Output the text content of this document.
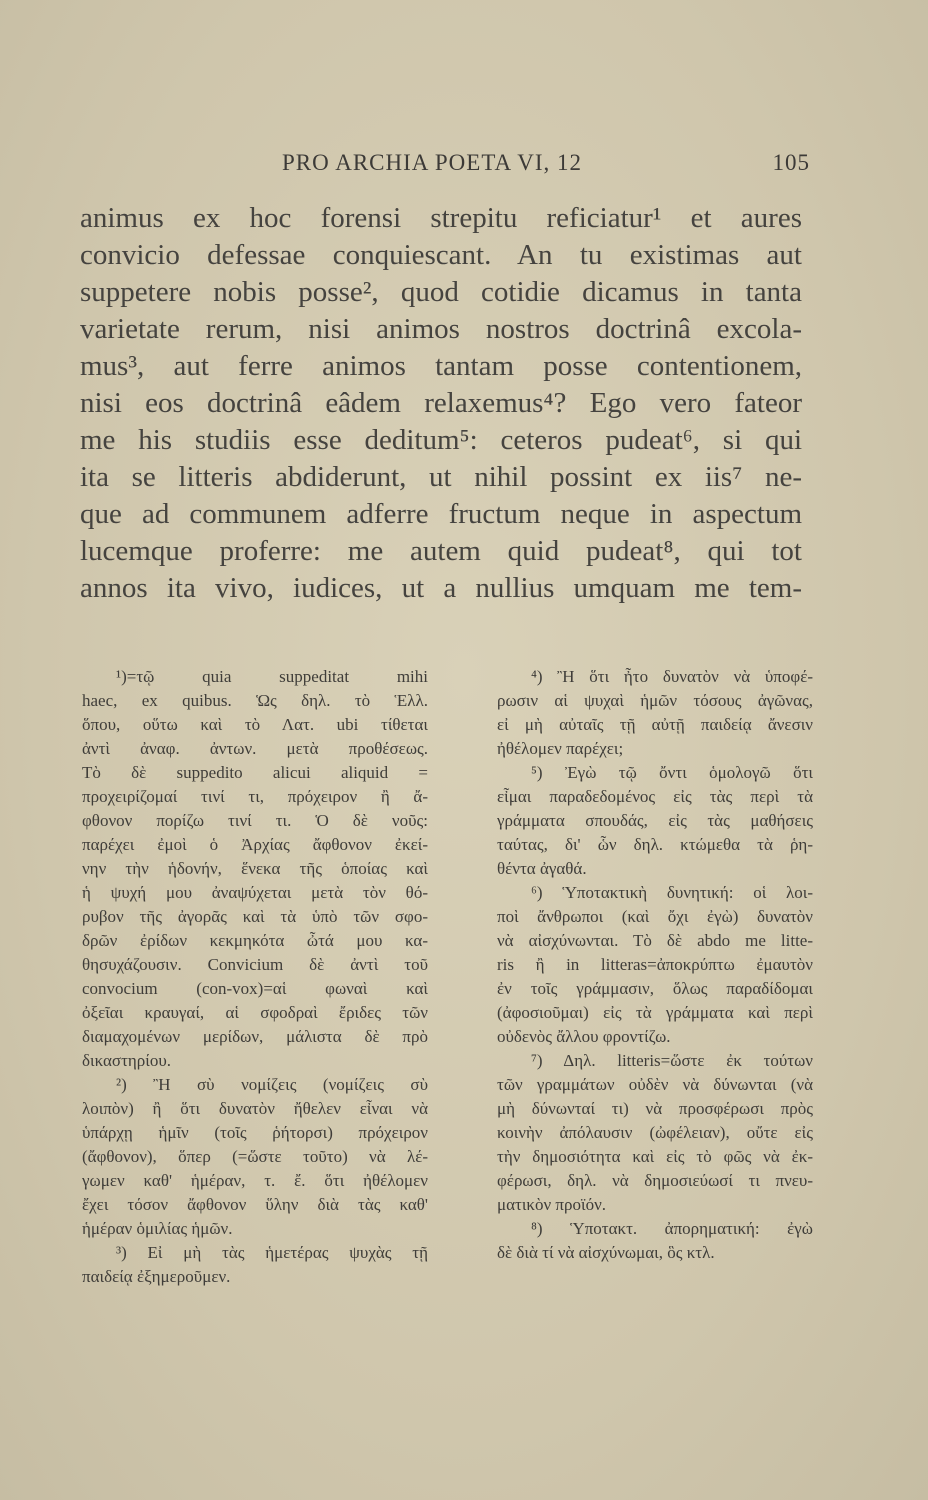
PRO ARCHIA POETA VI, 12	105
animus ex hoc forensi strepitu reficiatur¹ et aures
convicio defessae conquiescant. An tu existimas aut
suppetere nobis posse², quod cotidie dicamus in tanta
varietate rerum, nisi animos nostros doctrinâ excola-
mus³, aut ferre animos tantam posse contentionem,
nisi eos doctrinâ eâdem relaxemus⁴? Ego vero fateor
me his studiis esse deditum⁵: ceteros pudeat⁶, si qui
ita se litteris abdiderunt, ut nihil possint ex iis⁷ ne-
que ad communem adferre fructum neque in aspectum
lucemque proferre: me autem quid pudeat⁸, qui tot
annos ita vivo, iudices, ut a nullius umquam me tem-
¹)=τῷ quia suppeditat mihi
haec, ex quibus. Ὡς δηλ. τὸ Ἑλλ.
ὅπου, οὕτω καὶ τὸ Λατ. ubi τίθεται
ἀντὶ ἀναφ. ἀντων. μετὰ προθέσεως.
Τὸ δὲ suppedito alicui aliquid =
προχειρίζομαί τινί τι, πρόχειρον ἢ ἄ-
φθονον πορίζω τινί τι. Ὁ δὲ νοῦς:
παρέχει ἐμοὶ ὁ Ἀρχίας ἄφθονον ἐκεί-
νην τὴν ἡδονήν, ἕνεκα τῆς ὁποίας καὶ
ἡ ψυχή μου ἀναψύχεται μετὰ τὸν θό-
ρυβον τῆς ἀγορᾶς καὶ τὰ ὑπὸ τῶν σφο-
δρῶν ἐρίδων κεκμηκότα ὦτά μου κα-
θησυχάζουσιν. Convicium δὲ ἀντὶ τοῦ
convocium (con-vox)=αἱ φωναὶ καὶ
ὀξεῖαι κραυγαί, αἱ σφοδραὶ ἔριδες τῶν
διαμαχομένων μερίδων, μάλιστα δὲ πρὸ
δικαστηρίου.
²) Ἢ σὺ νομίζεις (νομίζεις σὺ
λοιπὸν) ἢ ὅτι δυνατὸν ἤθελεν εἶναι νὰ
ὑπάρχῃ ἡμῖν (τοῖς ῥήτορσι) πρόχειρον
(ἄφθονον), ὅπερ (=ὥστε τοῦτο) νὰ λέ-
γωμεν καθ' ἡμέραν, τ. ἔ. ὅτι ἠθέλομεν
ἔχει τόσον ἄφθονον ὕλην διὰ τὰς καθ'
ἡμέραν ὁμιλίας ἡμῶν.
³) Εἰ μὴ τὰς ἡμετέρας ψυχὰς τῇ
παιδείᾳ ἐξημεροῦμεν.
⁴) Ἢ ὅτι ἦτο δυνατὸν νὰ ὑποφέ-
ρωσιν αἱ ψυχαὶ ἡμῶν τόσους ἀγῶνας,
εἰ μὴ αὐταῖς τῇ αὐτῇ παιδείᾳ ἄνεσιν
ἠθέλομεν παρέχει;
⁵) Ἐγὼ τῷ ὄντι ὁμολογῶ ὅτι
εἶμαι παραδεδομένος εἰς τὰς περὶ τὰ
γράμματα σπουδάς, εἰς τὰς μαθήσεις
ταύτας, δι' ὧν δηλ. κτώμεθα τὰ ῥη-
θέντα ἀγαθά.
⁶) Ὑποτακτικὴ δυνητική: οἱ λοι-
ποὶ ἄνθρωποι (καὶ ὄχι ἐγὼ) δυνατὸν
νὰ αἰσχύνωνται. Τὸ δὲ abdo me litte-
ris ἢ in litteras=ἀποκρύπτω ἐμαυτὸν
ἐν τοῖς γράμμασιν, ὅλως παραδίδομαι
(ἀφοσιοῦμαι) εἰς τὰ γράμματα καὶ περὶ
οὐδενὸς ἄλλου φροντίζω.
⁷) Δηλ. litteris=ὥστε ἐκ τούτων
τῶν γραμμάτων οὐδὲν νὰ δύνωνται (νὰ
μὴ δύνωνταί τι) νὰ προσφέρωσι πρὸς
κοινὴν ἀπόλαυσιν (ὠφέλειαν), οὔτε εἰς
τὴν δημοσιότητα καὶ εἰς τὸ φῶς νὰ ἐκ-
φέρωσι, δηλ. νὰ δημοσιεύωσί τι πνευ-
ματικὸν προϊόν.
⁸) Ὑποτακτ. ἀπορηματική: ἐγὼ
δὲ διὰ τί νὰ αἰσχύνωμαι, ὃς κτλ.
